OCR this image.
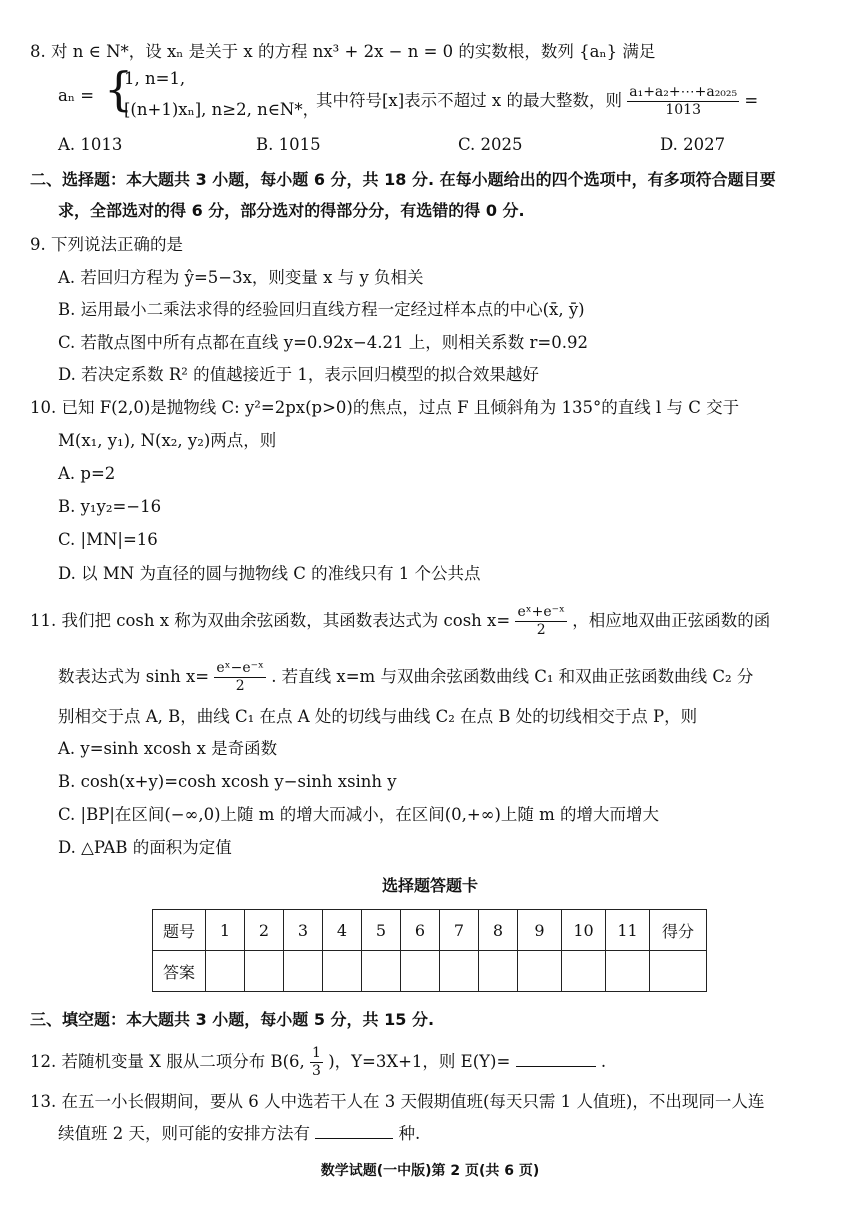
8. 对 n ∈ N*，设 xₙ 是关于 x 的方程 nx³ + 2x − n = 0 的实数根，数列 {aₙ} 满足
aₙ = {
1, n=1,
[(n+1)xₙ], n≥2, n∈N*，
其中符号[x]表示不超过 x 的最大整数，则 $\frac{\text{a₁+a₂+⋯+a₂₀₂₅}}{1013}$ =
A. 1013	B. 1015	C. 2025	D. 2027
二、选择题：本大题共 3 小题，每小题 6 分，共 18 分. 在每小题给出的四个选项中，有多项符合题目要
求，全部选对的得 6 分，部分选对的得部分分，有选错的得 0 分.
9. 下列说法正确的是
A. 若回归方程为 ŷ=5−3x，则变量 x 与 y 负相关
B. 运用最小二乘法求得的经验回归直线方程一定经过样本点的中心(x̄, ȳ)
C. 若散点图中所有点都在直线 y=0.92x−4.21 上，则相关系数 r=0.92
D. 若决定系数 R² 的值越接近于 1，表示回归模型的拟合效果越好
10. 已知 F(2,0)是抛物线 C: y²=2px(p>0)的焦点，过点 F 且倾斜角为 135°的直线 l 与 C 交于
M(x₁, y₁), N(x₂, y₂)两点，则
A. p=2
B. y₁y₂=−16
C. |MN|=16
D. 以 MN 为直径的圆与抛物线 C 的准线只有 1 个公共点
11. 我们把 cosh x 称为双曲余弦函数，其函数表达式为 $\cosh x= \frac{\text{eˣ+e⁻ˣ}}{2}$ ，相应地双曲正弦函数的函
数表达式为 $\sinh x= \frac{\text{eˣ−e⁻ˣ}}{2}$ . 若直线 x=m 与双曲余弦函数曲线 C₁ 和双曲正弦函数曲线 C₂ 分
别相交于点 A, B，曲线 C₁ 在点 A 处的切线与曲线 C₂ 在点 B 处的切线相交于点 P，则
A. y=sinh xcosh x 是奇函数
B. cosh(x+y)=cosh xcosh y−sinh xsinh y
C. |BP|在区间(−∞,0)上随 m 的增大而减小，在区间(0,+∞)上随 m 的增大而增大
D. △PAB 的面积为定值
选择题答题卡
题号	1	2	3	4	5	6	7	8	9	10	11	得分
答案												
三、填空题：本大题共 3 小题，每小题 5 分，共 15 分.
12. 若随机变量 X 服从二项分布 B(6, $\frac{1}{3}$ )，Y=3X+1，则 E(Y)=	.
13. 在五一小长假期间，要从 6 人中选若干人在 3 天假期值班(每天只需 1 人值班)，不出现同一人连
续值班 2 天，则可能的安排方法有	种.
数学试题(一中版)第 2 页(共 6 页)
